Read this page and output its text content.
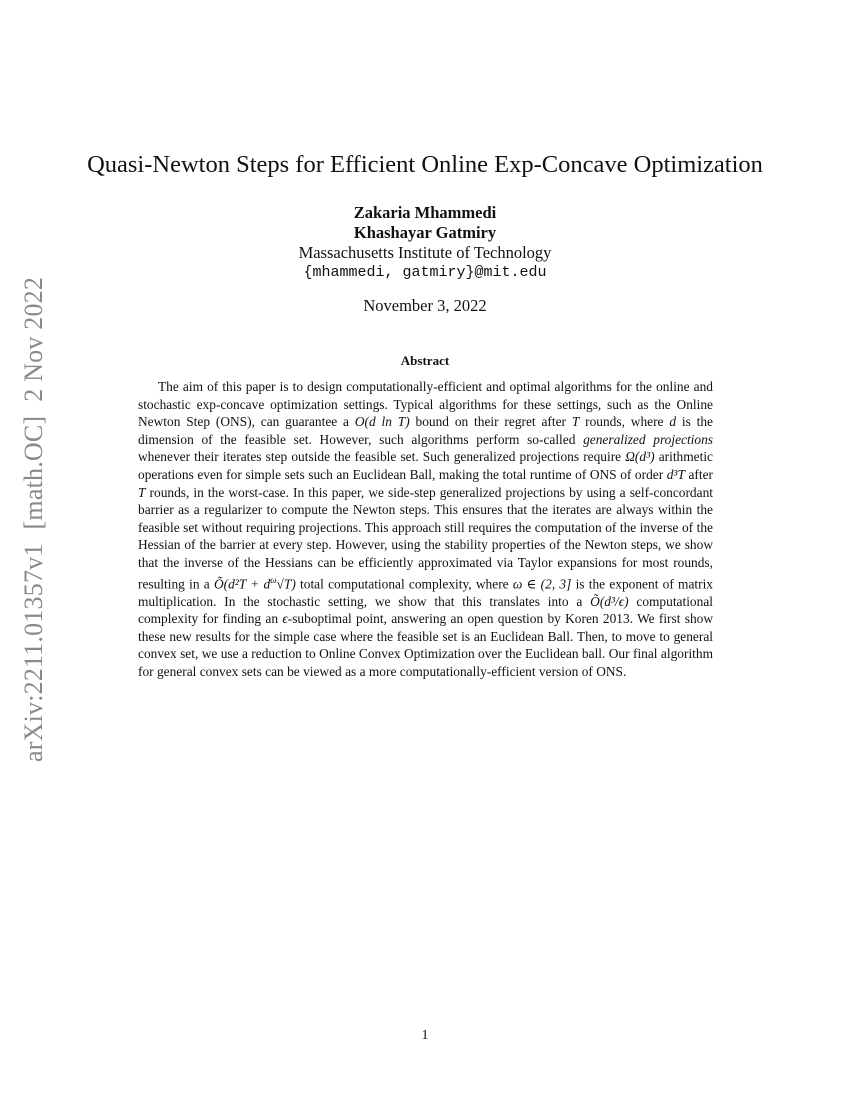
arXiv:2211.01357v1[math.OC]2 Nov 2022
Quasi-Newton Steps for Efficient Online Exp-Concave Optimization
Zakaria Mhammedi
Khashayar Gatmiry
Massachusetts Institute of Technology
{mhammedi, gatmiry}@mit.edu
November 3, 2022
Abstract

The aim of this paper is to design computationally-efficient and optimal algorithms for the online and stochastic exp-concave optimization settings. Typical algorithms for these settings, such as the Online Newton Step (ONS), can guarantee a O(d ln T) bound on their regret after T rounds, where d is the dimension of the feasible set. However, such algorithms perform so-called generalized projections whenever their iterates step outside the feasible set. Such generalized projections require Ω(d³) arithmetic operations even for simple sets such an Euclidean Ball, making the total runtime of ONS of order d³T after T rounds, in the worst-case. In this paper, we side-step generalized projections by using a self-concordant barrier as a regularizer to compute the Newton steps. This ensures that the iterates are always within the feasible set without requiring projections. This approach still requires the computation of the inverse of the Hessian of the barrier at every step. However, using the stability properties of the Newton steps, we show that the inverse of the Hessians can be efficiently approximated via Taylor expansions for most rounds, resulting in a Õ(d²T + $d^\omega√T$) total computational complexity, where ω ∈ (2, 3] is the exponent of matrix multiplication. In the stochastic setting, we show that this translates into a Õ(d³/ϵ) computational complexity for finding an ϵ-suboptimal point, answering an open question by Koren 2013. We first show these new results for the simple case where the feasible set is an Euclidean Ball. Then, to move to general convex set, we use a reduction to Online Convex Optimization over the Euclidean ball. Our final algorithm for general convex sets can be viewed as a more computationally-efficient version of ONS.

1
